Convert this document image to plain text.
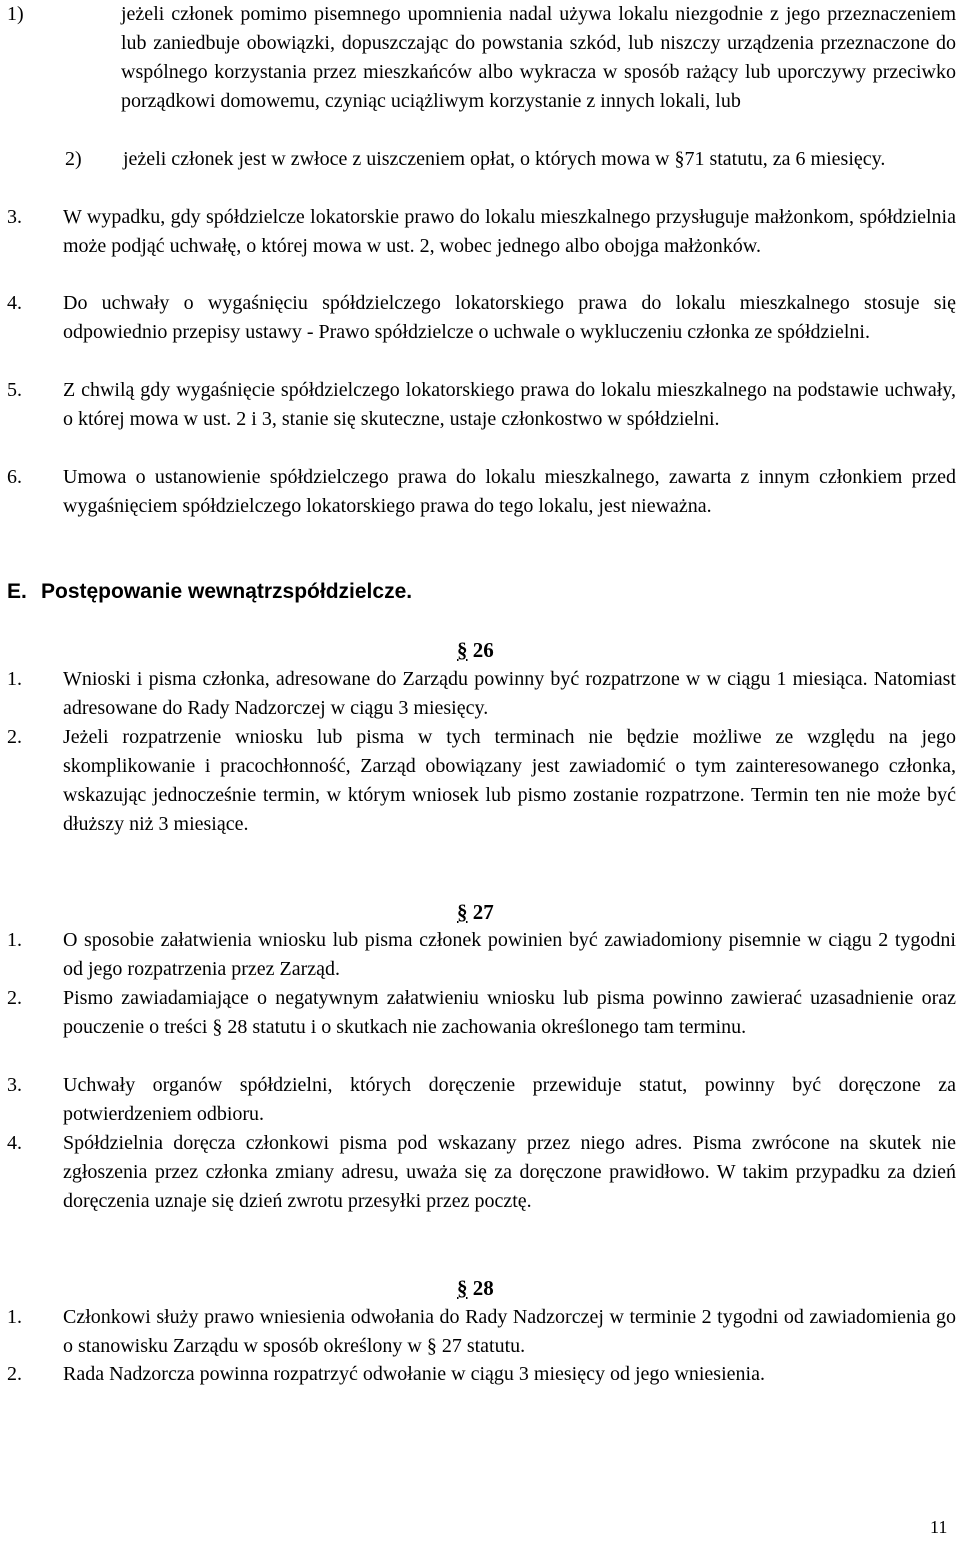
1)	jeżeli członek pomimo pisemnego upomnienia nadal używa lokalu niezgodnie z jego przeznaczeniem lub zaniedbuje obowiązki, dopuszczając do powstania szkód, lub niszczy urządzenia przeznaczone do wspólnego korzystania przez mieszkańców albo wykracza w sposób rażący lub uporczywy przeciwko porządkowi domowemu, czyniąc uciążliwym korzystanie z innych lokali, lub
2) jeżeli członek jest w zwłoce z uiszczeniem opłat, o których mowa w §71 statutu, za 6 miesięcy.
3. W wypadku, gdy spółdzielcze lokatorskie prawo do lokalu mieszkalnego przysługuje małżonkom, spółdzielnia może podjąć uchwałę, o której mowa w ust. 2, wobec jednego albo obojga małżonków.
4. Do uchwały o wygaśnięciu spółdzielczego lokatorskiego prawa do lokalu mieszkalnego stosuje się odpowiednio przepisy ustawy - Prawo spółdzielcze o uchwale o wykluczeniu członka ze spółdzielni.
5. Z chwilą gdy wygaśnięcie spółdzielczego lokatorskiego prawa do lokalu mieszkalnego na podstawie uchwały, o której mowa w ust. 2 i 3, stanie się skuteczne, ustaje członkostwo w spółdzielni.
6. Umowa o ustanowienie spółdzielczego prawa do lokalu mieszkalnego, zawarta z innym członkiem przed wygaśnięciem spółdzielczego lokatorskiego prawa do tego lokalu, jest nieważna.
E. Postępowanie wewnątrzspółdzielcze.
§ 26
1. Wnioski i pisma członka, adresowane do Zarządu powinny być rozpatrzone w w ciągu 1 miesiąca. Natomiast adresowane do Rady Nadzorczej w ciągu 3 miesięcy.
2. Jeżeli rozpatrzenie wniosku lub pisma w tych terminach nie będzie możliwe ze względu na jego skomplikowanie i pracochłonność, Zarząd obowiązany jest zawiadomić o tym zainteresowanego członka, wskazując jednocześnie termin, w którym wniosek lub pismo zostanie rozpatrzone. Termin ten nie może być dłuższy niż 3 miesiące.
§ 27
1. O sposobie załatwienia wniosku lub pisma członek powinien być zawiadomiony pisemnie w ciągu 2 tygodni od jego rozpatrzenia przez Zarząd.
2. Pismo zawiadamiające o negatywnym załatwieniu wniosku lub pisma powinno zawierać uzasadnienie oraz pouczenie o treści § 28 statutu i o skutkach nie zachowania określonego tam terminu.
3. Uchwały organów spółdzielni, których doręczenie przewiduje statut, powinny być doręczone za potwierdzeniem odbioru.
4. Spółdzielnia doręcza członkowi pisma pod wskazany przez niego adres. Pisma zwrócone na skutek nie zgłoszenia przez członka zmiany adresu, uważa się za doręczone prawidłowo. W takim przypadku za dzień doręczenia uznaje się dzień zwrotu przesyłki przez pocztę.
§ 28
1. Członkowi służy prawo wniesienia odwołania do Rady Nadzorczej w terminie 2 tygodni od zawiadomienia go o stanowisku Zarządu w sposób określony w § 27 statutu.
2. Rada Nadzorcza powinna rozpatrzyć odwołanie w ciągu 3 miesięcy od jego wniesienia.
11
